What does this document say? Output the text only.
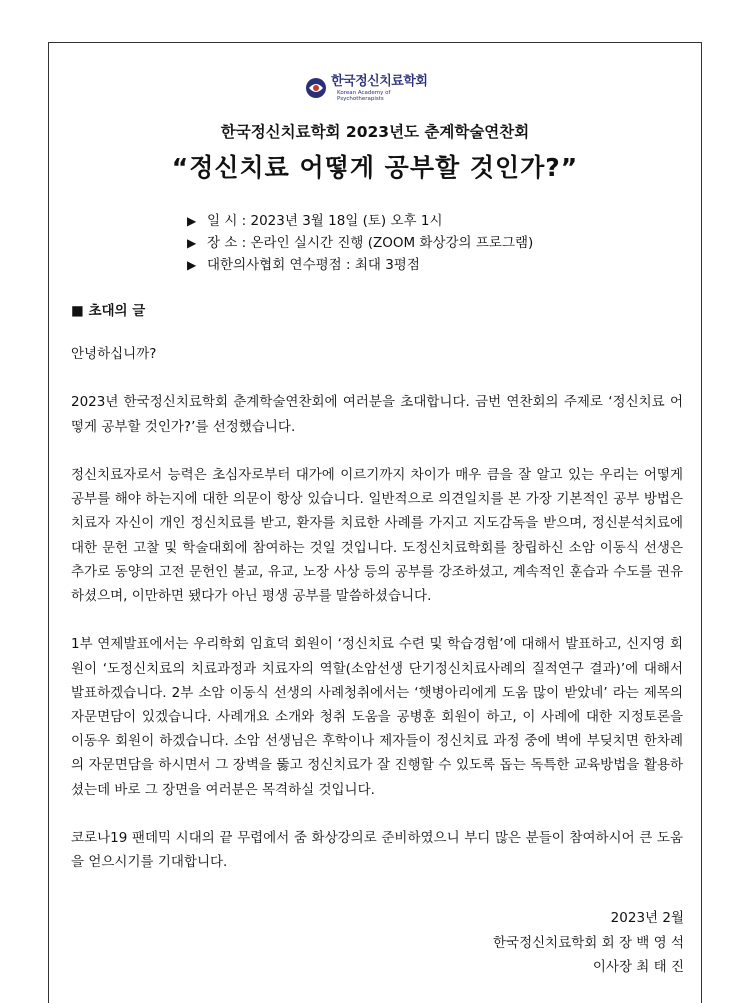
한국정신치료학회
Korean Academy of
Psychotherapists
한국정신치료학회 2023년도 춘계학술연찬회
“정신치료 어떻게 공부할 것인가?”
▶ 일 시 : 2023년 3월 18일 (토) 오후 1시
▶ 장 소 : 온라인 실시간 진행 (ZOOM 화상강의 프로그램)
▶ 대한의사협회 연수평점 : 최대 3평점
■ 초대의 글

안녕하십니까?

2023년 한국정신치료학회 춘계학술연찬회에 여러분을 초대합니다. 금번 연찬회의 주제로 ‘정신치료 어떻게 공부할 것인가?’를 선정했습니다.

정신치료자로서 능력은 초심자로부터 대가에 이르기까지 차이가 매우 큼을 잘 알고 있는 우리는 어떻게 공부를 해야 하는지에 대한 의문이 항상 있습니다. 일반적으로 의견일치를 본 가장 기본적인 공부 방법은 치료자 자신이 개인 정신치료를 받고, 환자를 치료한 사례를 가지고 지도감독을 받으며, 정신분석치료에 대한 문헌 고찰 및 학술대회에 참여하는 것일 것입니다. 도정신치료학회를 창립하신 소암 이동식 선생은 추가로 동양의 고전 문헌인 불교, 유교, 노장 사상 등의 공부를 강조하셨고, 계속적인 훈습과 수도를 권유하셨으며, 이만하면 됐다가 아닌 평생 공부를 말씀하셨습니다.

1부 연제발표에서는 우리학회 임효덕 회원이 ‘정신치료 수련 및 학습경험’에 대해서 발표하고, 신지영 회원이 ‘도정신치료의 치료과정과 치료자의 역할(소암선생 단기정신치료사례의 질적연구 결과)’에 대해서 발표하겠습니다. 2부 소암 이동식 선생의 사례청취에서는 ‘햇병아리에게 도움 많이 받았네’ 라는 제목의 자문면담이 있겠습니다. 사례개요 소개와 청취 도움을 공병훈 회원이 하고, 이 사례에 대한 지정토론을 이동우 회원이 하겠습니다. 소암 선생님은 후학이나 제자들이 정신치료 과정 중에 벽에 부딪치면 한차례의 자문면담을 하시면서 그 장벽을 뚫고 정신치료가 잘 진행할 수 있도록 돕는 독특한 교육방법을 활용하셨는데 바로 그 장면을 여러분은 목격하실 것입니다.

코로나19 팬데믹 시대의 끝 무렵에서 줌 화상강의로 준비하였으니 부디 많은 분들이 참여하시어 큰 도움을 얻으시기를 기대합니다.

2023년 2월
한국정신치료학회 회 장 백 영 석
이사장 최 태 진
